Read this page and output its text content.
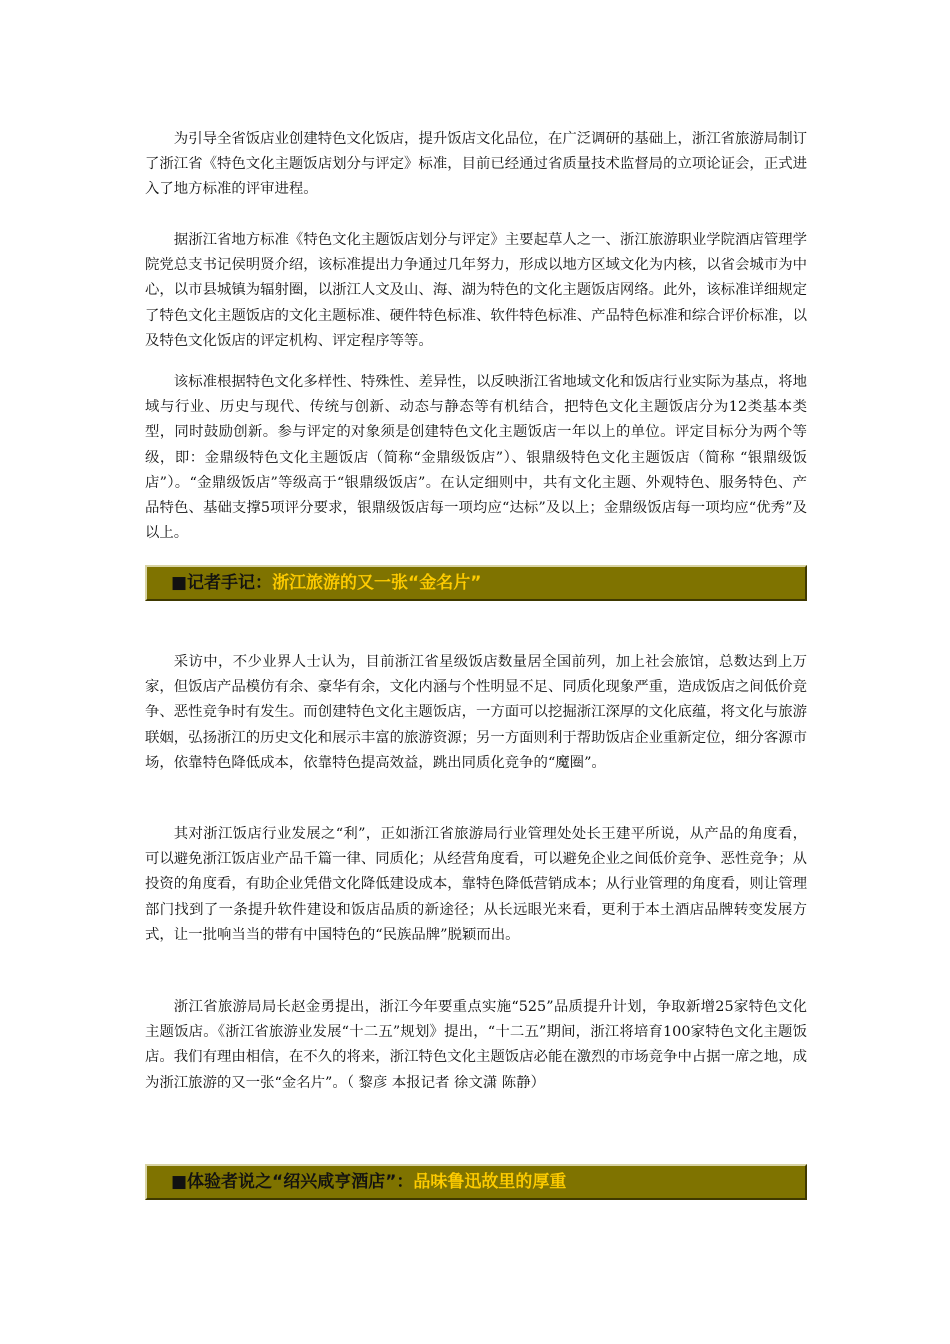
为引导全省饭店业创建特色文化饭店，提升饭店文化品位，在广泛调研的基础上，浙江省旅游局制订了浙江省《特色文化主题饭店划分与评定》标准，目前已经通过省质量技术监督局的立项论证会，正式进入了地方标准的评审进程。

据浙江省地方标准《特色文化主题饭店划分与评定》主要起草人之一、浙江旅游职业学院酒店管理学院党总支书记侯明贤介绍，该标准提出力争通过几年努力，形成以地方区域文化为内核，以省会城市为中心，以市县城镇为辐射圈，以浙江人文及山、海、湖为特色的文化主题饭店网络。此外，该标准详细规定了特色文化主题饭店的文化主题标准、硬件特色标准、软件特色标准、产品特色标准和综合评价标准，以及特色文化饭店的评定机构、评定程序等等。

该标准根据特色文化多样性、特殊性、差异性，以反映浙江省地域文化和饭店行业实际为基点，将地域与行业、历史与现代、传统与创新、动态与静态等有机结合，把特色文化主题饭店分为12类基本类型，同时鼓励创新。参与评定的对象须是创建特色文化主题饭店一年以上的单位。评定目标分为两个等级，即：金鼎级特色文化主题饭店（简称“金鼎级饭店”）、银鼎级特色文化主题饭店（简称 “银鼎级饭店”）。“金鼎级饭店”等级高于“银鼎级饭店”。在认定细则中，共有文化主题、外观特色、服务特色、产品特色、基础支撑5项评分要求，银鼎级饭店每一项均应“达标”及以上；金鼎级饭店每一项均应“优秀”及以上。

■记者手记：浙江旅游的又一张“金名片”

采访中，不少业界人士认为，目前浙江省星级饭店数量居全国前列，加上社会旅馆，总数达到上万家，但饭店产品模仿有余、豪华有余，文化内涵与个性明显不足、同质化现象严重，造成饭店之间低价竞争、恶性竞争时有发生。而创建特色文化主题饭店，一方面可以挖掘浙江深厚的文化底蕴，将文化与旅游联姻，弘扬浙江的历史文化和展示丰富的旅游资源；另一方面则利于帮助饭店企业重新定位，细分客源市场，依靠特色降低成本，依靠特色提高效益，跳出同质化竞争的“魔圈”。

其对浙江饭店行业发展之“利”，正如浙江省旅游局行业管理处处长王建平所说，从产品的角度看，可以避免浙江饭店业产品千篇一律、同质化；从经营角度看，可以避免企业之间低价竞争、恶性竞争；从投资的角度看，有助企业凭借文化降低建设成本，靠特色降低营销成本；从行业管理的角度看，则让管理部门找到了一条提升软件建设和饭店品质的新途径；从长远眼光来看，更利于本土酒店品牌转变发展方式，让一批响当当的带有中国特色的“民族品牌”脱颖而出。

浙江省旅游局局长赵金勇提出，浙江今年要重点实施“525”品质提升计划，争取新增25家特色文化主题饭店。《浙江省旅游业发展“十二五”规划》提出，“十二五”期间，浙江将培育100家特色文化主题饭店。我们有理由相信，在不久的将来，浙江特色文化主题饭店必能在激烈的市场竞争中占据一席之地，成为浙江旅游的又一张“金名片”。（ 黎彦 本报记者 徐文潇 陈静）

■体验者说之“绍兴咸亨酒店”：品味鲁迅故里的厚重
